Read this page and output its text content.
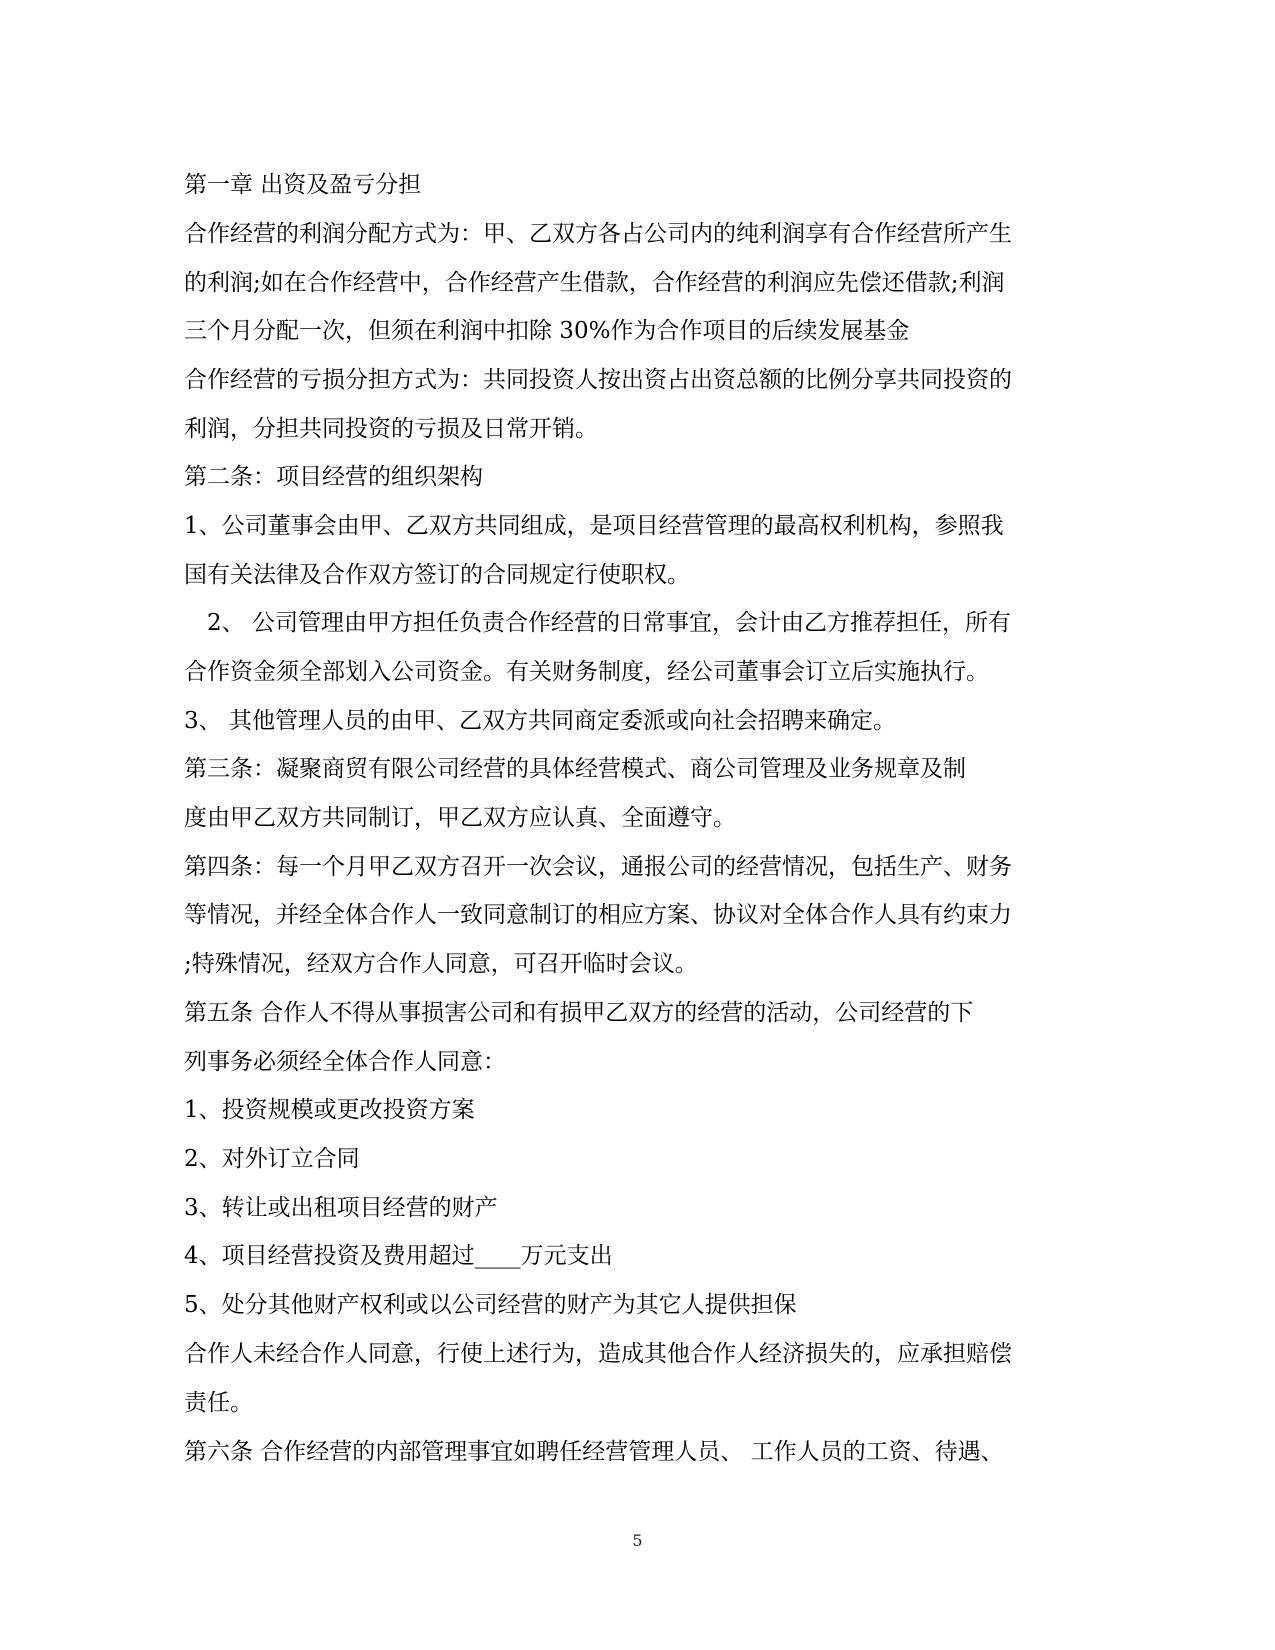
第一章 出资及盈亏分担

合作经营的利润分配方式为：甲、乙双方各占公司内的纯利润享有合作经营所产生

的利润;如在合作经营中，合作经营产生借款，合作经营的利润应先偿还借款;利润

三个月分配一次，但须在利润中扣除 30%作为合作项目的后续发展基金

合作经营的亏损分担方式为：共同投资人按出资占出资总额的比例分享共同投资的

利润，分担共同投资的亏损及日常开销。

第二条：项目经营的组织架构

1、公司董事会由甲、乙双方共同组成，是项目经营管理的最高权利机构，参照我

国有关法律及合作双方签订的合同规定行使职权。

2、 公司管理由甲方担任负责合作经营的日常事宜，会计由乙方推荐担任，所有

合作资金须全部划入公司资金。有关财务制度，经公司董事会订立后实施执行。

3、 其他管理人员的由甲、乙双方共同商定委派或向社会招聘来确定。

第三条：凝聚商贸有限公司经营的具体经营模式、商公司管理及业务规章及制

度由甲乙双方共同制订，甲乙双方应认真、全面遵守。

第四条：每一个月甲乙双方召开一次会议，通报公司的经营情况，包括生产、财务

等情况，并经全体合作人一致同意制订的相应方案、协议对全体合作人具有约束力

;特殊情况，经双方合作人同意，可召开临时会议。

第五条 合作人不得从事损害公司和有损甲乙双方的经营的活动，公司经营的下

列事务必须经全体合作人同意：

1、投资规模或更改投资方案

2、对外订立合同

3、转让或出租项目经营的财产

4、项目经营投资及费用超过____万元支出

5、处分其他财产权利或以公司经营的财产为其它人提供担保

合作人未经合作人同意，行使上述行为，造成其他合作人经济损失的，应承担赔偿

责任。

第六条 合作经营的内部管理事宜如聘任经营管理人员、 工作人员的工资、待遇、

5
